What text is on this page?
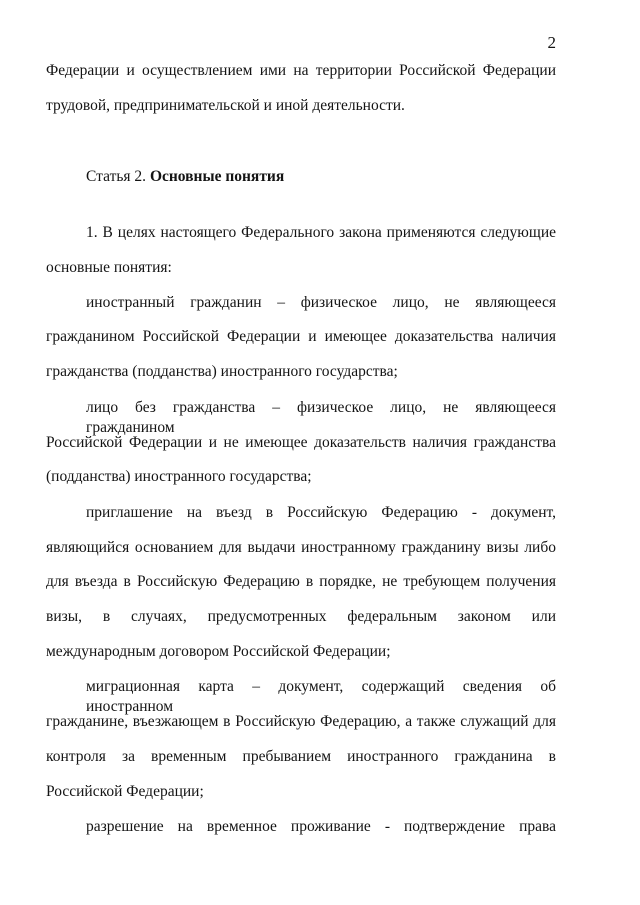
2
Федерации и осуществлением ими на территории Российской Федерации
трудовой, предпринимательской и иной деятельности.
Статья 2. Основные понятия
1. В целях настоящего Федерального закона применяются следующие
основные понятия:
иностранный гражданин – физическое лицо, не являющееся
гражданином Российской Федерации и имеющее доказательства наличия
гражданства (подданства) иностранного государства;
лицо без гражданства – физическое лицо, не являющееся гражданином
Российской Федерации и не имеющее доказательств наличия гражданства
(подданства) иностранного государства;
приглашение на въезд в Российскую Федерацию - документ,
являющийся основанием для выдачи иностранному гражданину визы либо
для въезда в Российскую Федерацию в порядке, не требующем получения
визы, в случаях, предусмотренных федеральным законом или
международным договором Российской Федерации;
миграционная карта – документ, содержащий сведения об иностранном
гражданине, въезжающем в Российскую Федерацию, а также служащий для
контроля за временным пребыванием иностранного гражданина в
Российской Федерации;
разрешение на временное проживание - подтверждение права
